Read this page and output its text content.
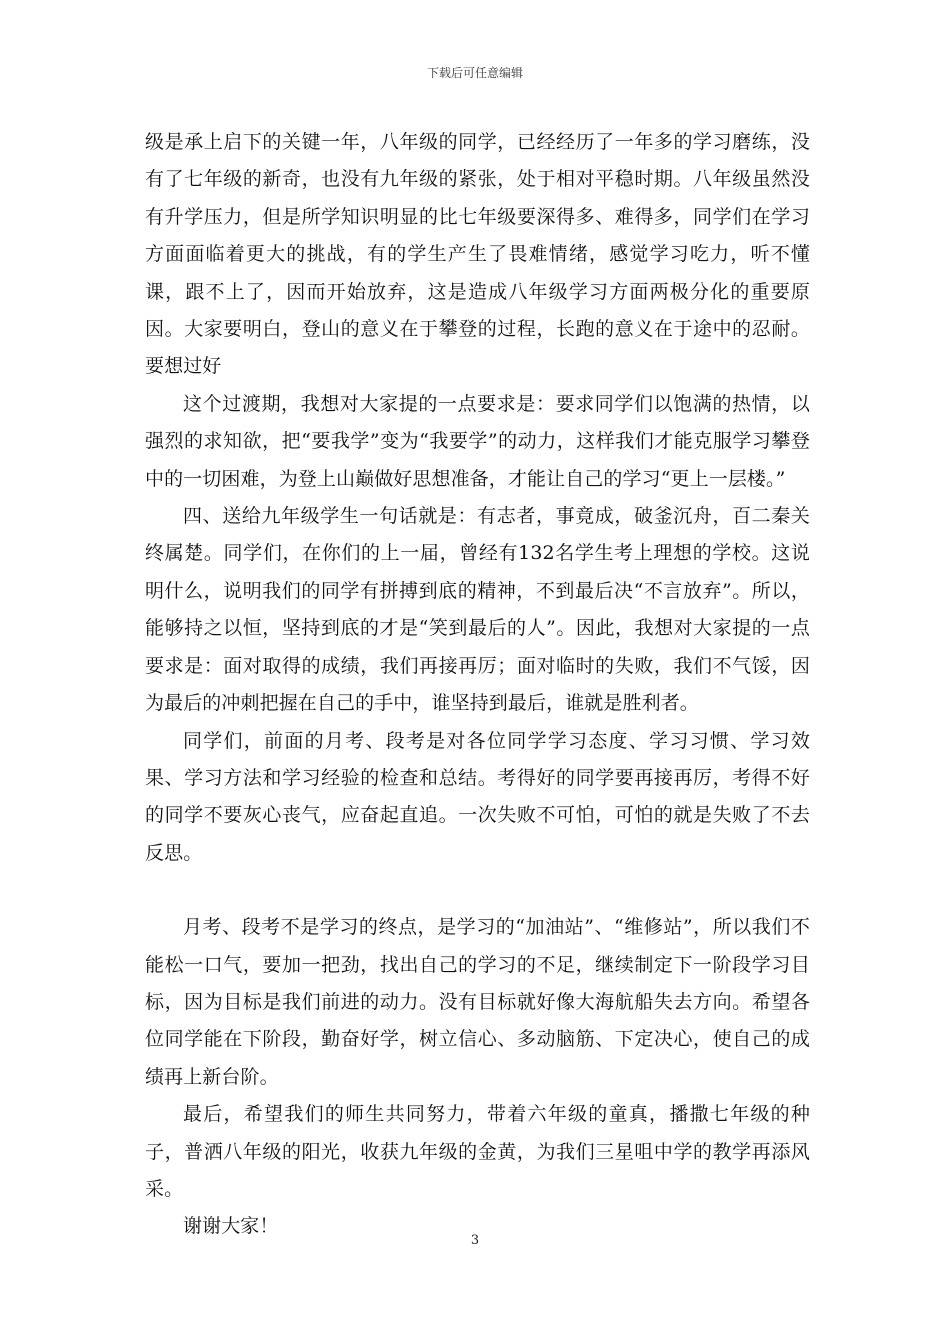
下载后可任意编辑

级是承上启下的关键一年，八年级的同学，已经经历了一年多的学习磨练，没有了七年级的新奇，也没有九年级的紧张，处于相对平稳时期。八年级虽然没有升学压力，但是所学知识明显的比七年级要深得多、难得多，同学们在学习方面面临着更大的挑战，有的学生产生了畏难情绪，感觉学习吃力，听不懂课，跟不上了，因而开始放弃，这是造成八年级学习方面两极分化的重要原因。大家要明白，登山的意义在于攀登的过程，长跑的意义在于途中的忍耐。要想过好

这个过渡期，我想对大家提的一点要求是：要求同学们以饱满的热情，以强烈的求知欲，把“要我学”变为“我要学”的动力，这样我们才能克服学习攀登中的一切困难，为登上山巅做好思想准备，才能让自己的学习“更上一层楼。”

四、送给九年级学生一句话就是：有志者，事竟成，破釜沉舟，百二秦关终属楚。同学们，在你们的上一届，曾经有132名学生考上理想的学校。这说明什么，说明我们的同学有拼搏到底的精神，不到最后决“不言放弃”。所以，能够持之以恒，坚持到底的才是“笑到最后的人”。因此，我想对大家提的一点要求是：面对取得的成绩，我们再接再厉；面对临时的失败，我们不气馁，因为最后的冲刺把握在自己的手中，谁坚持到最后，谁就是胜利者。

同学们，前面的月考、段考是对各位同学学习态度、学习习惯、学习效果、学习方法和学习经验的检查和总结。考得好的同学要再接再厉，考得不好的同学不要灰心丧气，应奋起直追。一次失败不可怕，可怕的就是失败了不去反思。

月考、段考不是学习的终点，是学习的“加油站”、“维修站”，所以我们不能松一口气，要加一把劲，找出自己的学习的不足，继续制定下一阶段学习目标，因为目标是我们前进的动力。没有目标就好像大海航船失去方向。希望各位同学能在下阶段，勤奋好学，树立信心、多动脑筋、下定决心，使自己的成绩再上新台阶。

最后，希望我们的师生共同努力，带着六年级的童真，播撒七年级的种子，普洒八年级的阳光，收获九年级的金黄，为我们三星咀中学的教学再添风采。

谢谢大家！

3
